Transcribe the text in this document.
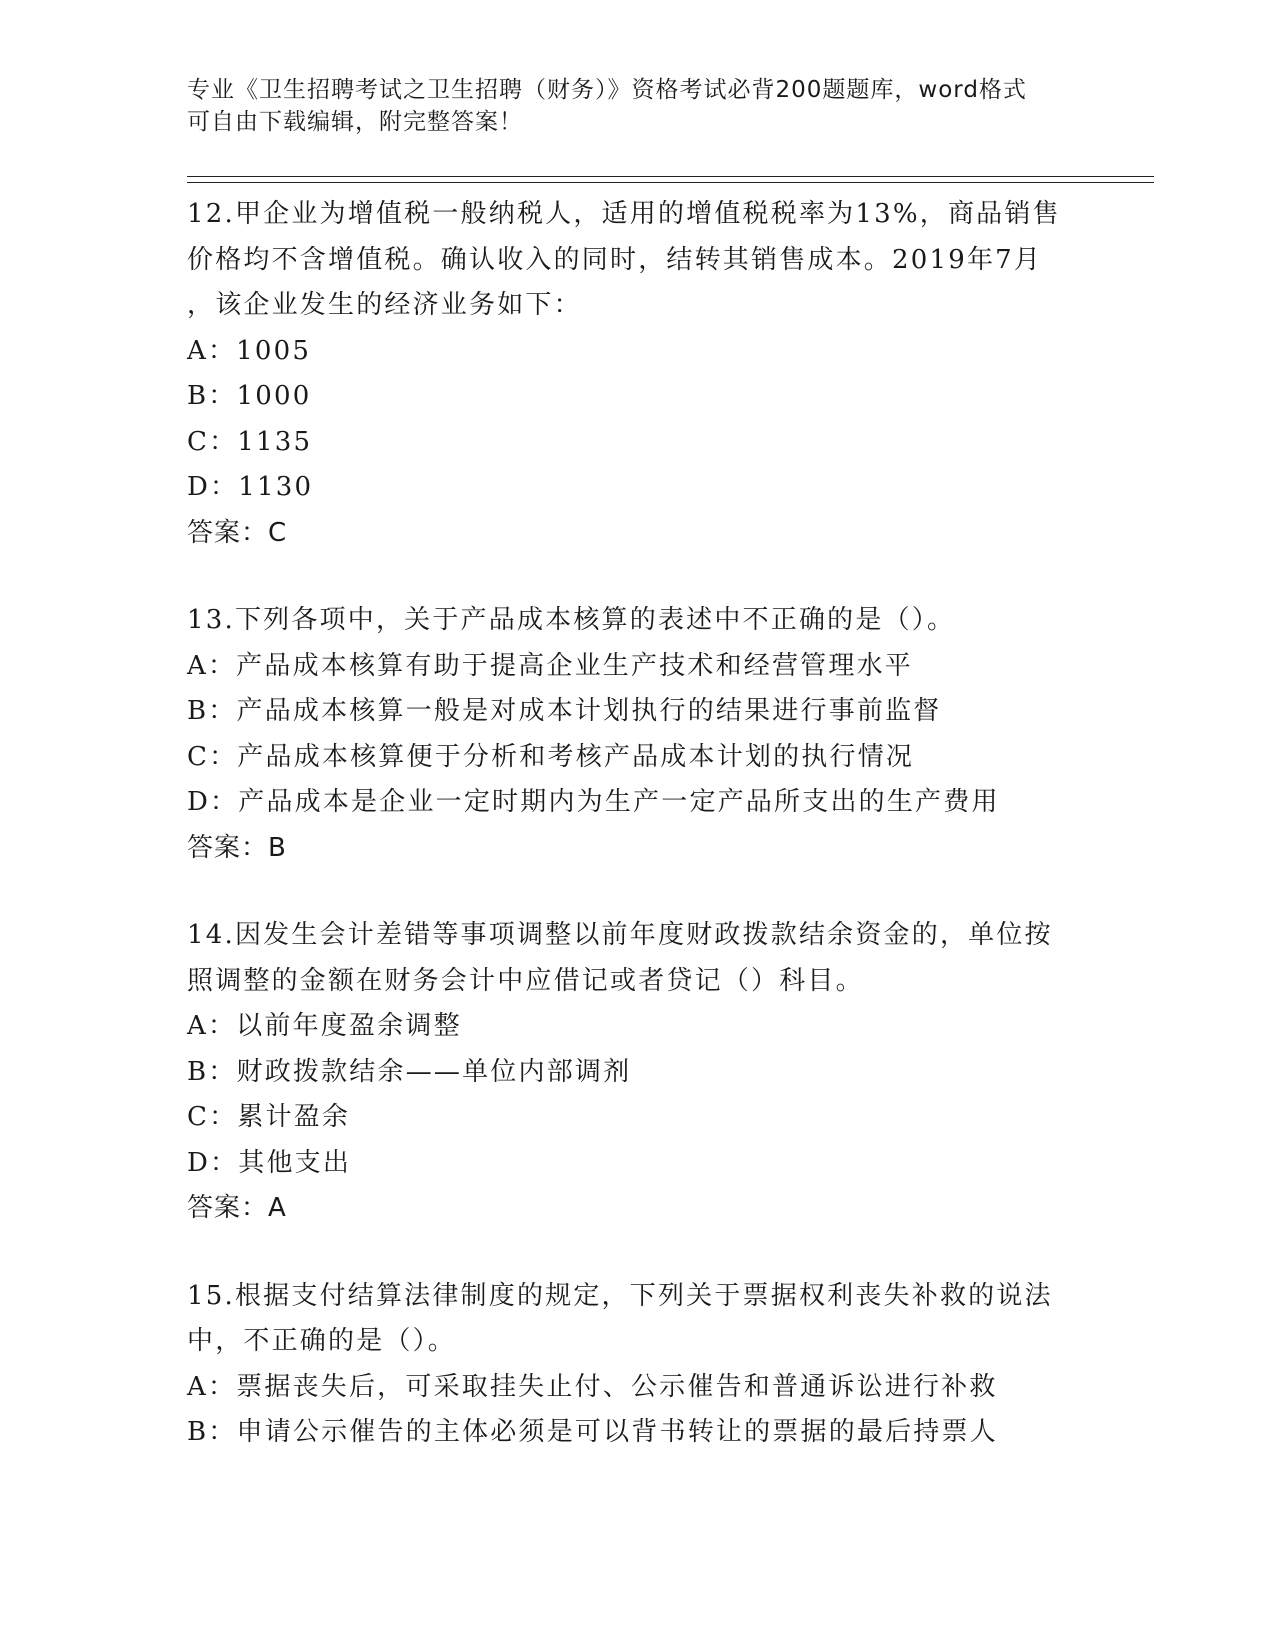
专业《卫生招聘考试之卫生招聘（财务）》资格考试必背200题题库，word格式
可自由下载编辑，附完整答案！
12.甲企业为增值税一般纳税人，适用的增值税税率为13%，商品销售
价格均不含增值税。确认收入的同时，结转其销售成本。2019年7月
，该企业发生的经济业务如下：
A：1005
B：1000
C：1135
D：1130
答案：C
13.下列各项中，关于产品成本核算的表述中不正确的是（）。
A：产品成本核算有助于提高企业生产技术和经营管理水平
B：产品成本核算一般是对成本计划执行的结果进行事前监督
C：产品成本核算便于分析和考核产品成本计划的执行情况
D：产品成本是企业一定时期内为生产一定产品所支出的生产费用
答案：B
14.因发生会计差错等事项调整以前年度财政拨款结余资金的，单位按
照调整的金额在财务会计中应借记或者贷记（）科目。
A：以前年度盈余调整
B：财政拨款结余——单位内部调剂
C：累计盈余
D：其他支出
答案：A
15.根据支付结算法律制度的规定，下列关于票据权利丧失补救的说法
中，不正确的是（）。
A：票据丧失后，可采取挂失止付、公示催告和普通诉讼进行补救
B：申请公示催告的主体必须是可以背书转让的票据的最后持票人
